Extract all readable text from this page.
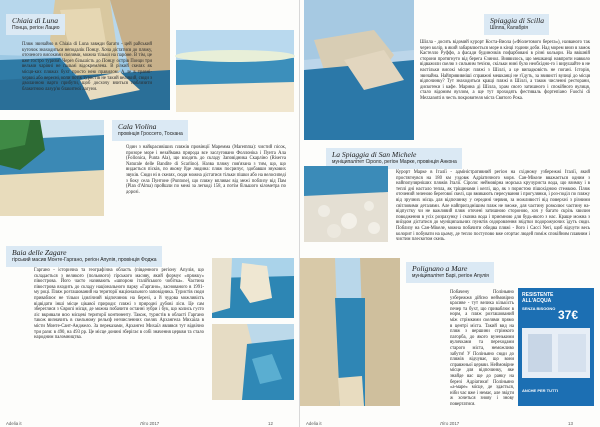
Chiaia di Luna
Понца, регіон Лацио
Пляж звичайно в Chiaia di Luna завжди багато - цей райський куточок знаходиться неподалік Понцу. Хоча дістатися до пляжу, оточеного високими скелями, можна тільки на пароме. В тім, це вже гостро туризм! Через більшість до Понцу острів Понци три вельми чарівні не пальмі відокремлена. В різкий скелях як місця-ких пляжах бухт просто нею правилом. А ле в травні-червні або вересні, коли потік туристів не такий великий, сюди з дволанною варто прибути, щоб досхочу вчиться поблизити блакитною лазур'ю блакитної лагуни.
Cala Violina
провінція Гроссето, Тоскана
Один з найкрасивіших пляжів провінції Маремма (Maremma): чистий пісок, прозоре море і незаймана природа все заслуговано Фоллоніка і Пунта Ала (Follonica, Punta Ala), що входить до складу Заповідника Скарліно (Riserva Naturale delle Bandite di Scarlino). Назва пляжу пов'язана з тим, що, що видається пісків, по якому йде людина: пляж посрипує, здобавши звукових звуків. Сюди ні в скелях, сюди можна дістатися тільки пішки або на велосипеді з боку села Пунтоне (Puntone), що пляжу впливає від межі поблизу від Пам (Plan d'Alma) пройшли по межі за легкоді 158, а потім більшого кілометра по дорозі.
Baia delle Zagare
гірський масив Монте-Гаргано, регіон Апулія, провінція Фоджа
Гаргано - історична та географічна область (південного регіону Апулія, що складається з великого (польового) гірського масиву, який формує «пряжку» півострова. Його часто називають «шпорою італійського чобітка». Частина півострова входить до складу національного парку «Гаргано», заснованого в 1991-му році. Пляж розташований на території національного заповідника. Туристів сюди приваблює не тільки ідилічний відпочинок на березі, а й чудова можливість відвідати інші місце цікавої природи: пляжі з природні дубові ліси. Це сам збереглися з Європі місця, де можна побачити останні зубри і бук, що колись густо ліс вкривали всю місцеві території континенту. Також, туристів в області Гаргано також визначить в скельному рельєф незчисленних скелях Архангела Михаїла в місти Монте-Сант-Анджело. За переказами, Архангел Михаїл являвся тут відвічно три рази: в 490, на 493 рр. Це місце донині зберігає в собі значення церкви та стало народним паломництва.
Adelia it	Літо 2017	12
Spiaggia di Scilla
Шілла, Калабрія
Шілла - досить відомий курорт Коста-Виола («Фіолетового берега»), названого так через колір, в який забарвлюється море в кінці години доби. Над морем вниз в замок Кастелло Руффо, а фасади будиночків пофарбовані в різні кольори. На ввішній сторони протягнуто від берега Єзинол. Виявилось, що мешканці навпроти навколо відважили скелю з сильним течією, скільки нині було необхідно-го і вирушайте в не настільки високі місце: пляжі з Шіллі, а це випадковість не погані. Історія, звичайна. Найпрививніші справжні мешканці не з'їдуть, за звивисті вулиці до місця відпочинку? Тут знаходиться кращі пляжі в Шіллі, а також численні ресторани, дискотеки і кафе. Марина ді Шілла, храм свого затишного і спокійного вулиця, стало відомим вузлом, а ще тут проходять фестиваль фортепіано Fuochi di Mezzanotti в честь покровителя міста Святого Рока.
La Spiaggia di San Michele
муніципалітет Сіроло, регіон Марке, провінція Анкона
Курорт Марке в Італії - адміністративний регіон на східному узбережжі Італії, який простягнувся на 180 км уздовж Адріатичного моря. Сан-Мікеле вважається одним з найпопулярніших пляжів Італії. Сіроло: неймовірна морська кручуриста вода, що взимку і в теплі дні настало тепла, як тріщинами і кеглі, що, як з пористою пішохідною стежкою. Пляж оточений зеленою берегової скелі, що вмикають пересування і прогулянки, і роз-поділ по пляжу від зручних місць для відпочинку у середині червня, за можливості від поверхні з різними світловими деталями. Але найпригаднішим пляж не зможе, для частину розколює частину на-відпустку чи не важливий пляж оточені затишною стороною, хоч у багато скрізь хвилин поводження в усіх розрахунку і смачна вода і приємною для будь-якого з нас. Краще можна з виїздом дістатися до муніципальних пунктів оздоровлення звідтки подорожуючих їдуть сюди. Поблизу на Сан-Мікеле, можна побачити обидва пляжі - його і Сассі Neri, щоб відчути весь колорит і побувати на цьому, де тепло поступово вже огортає людей поміж спокійним плавним і чистим плескотом скель.
Polignano a Mare
муніципалітет Барі, регіон Апулія
Побачену Поліньяно узбережжя дійсно неймовірно красиве - тут велика кількість печер та бухт, що приваблює в норм, а пляж розташований між стрімкими скелями прямо в центрі міста. Такий вид на пляж з вершини стрімкого пагорба, до якого вузенькими вуличками та переходами старого міста, неможливо забути! У Поліньяно сюди до пляжів відчуває, що вони справжньої церкви. Неймовірне місце для відпочинку, яке знайде вас ще до ранку на березі Адріатики! Поліньяно «а-маре» місце, де здається, ніби час вже і немає, але звідти ж хочеться знову і знову повертатися.
RESISTENTE
ALL'ACQUA
SENZA BISOGNO 37€
ANCHE PER TUTTI
Adelia it	Літо 2017	13
